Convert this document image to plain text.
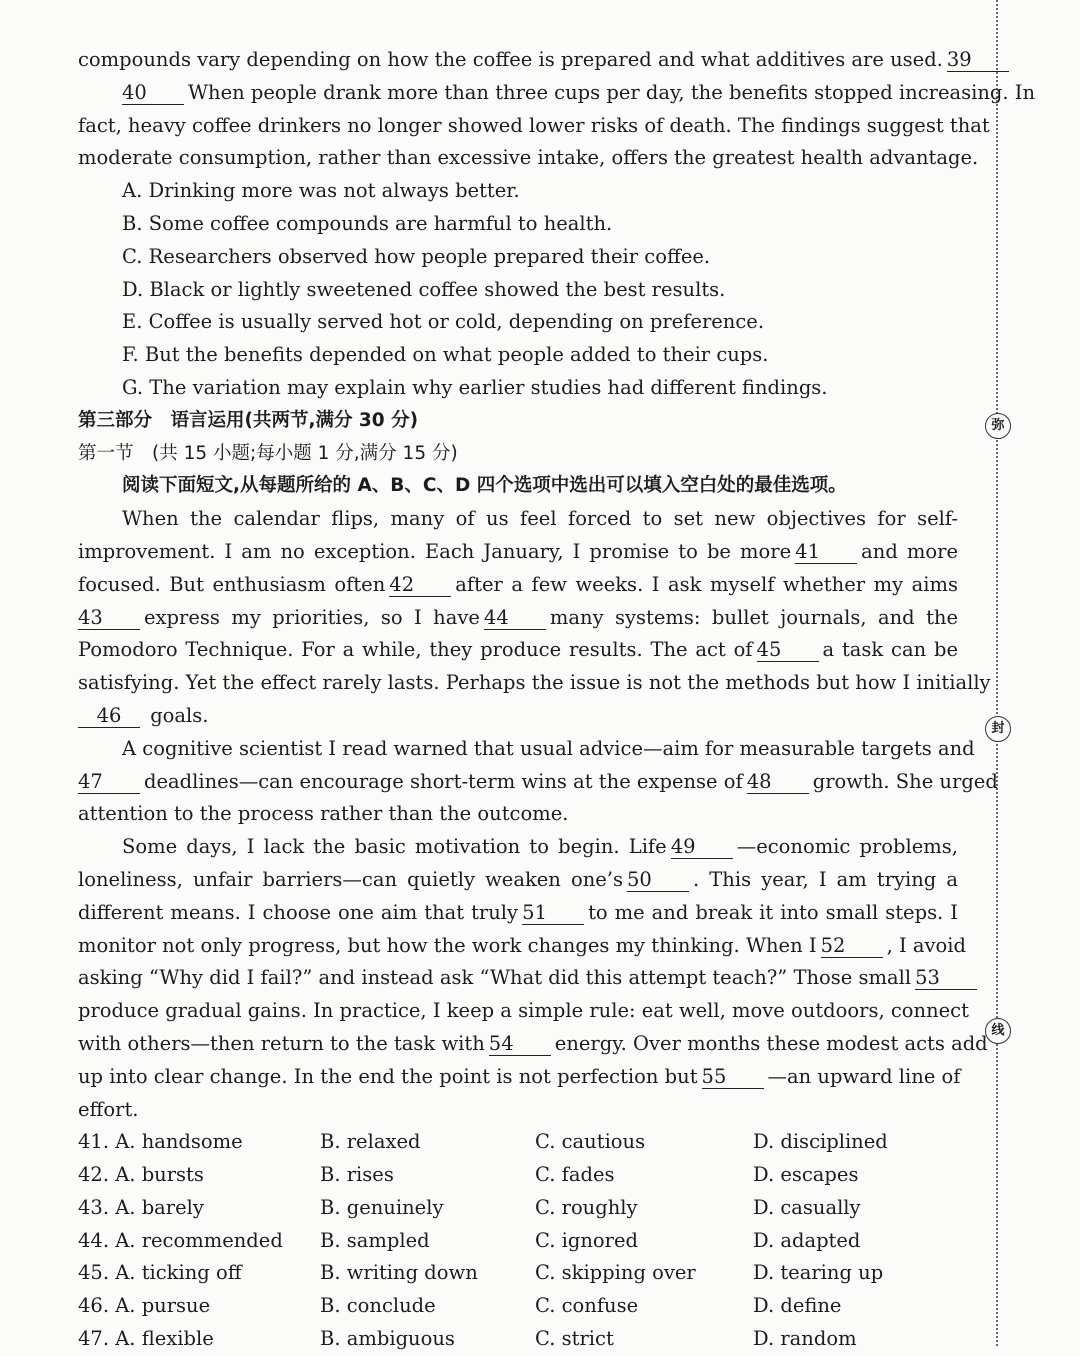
弥
封
线
compounds vary depending on how the coffee is prepared and what additives are used. 39
40 When people drank more than three cups per day, the benefits stopped increasing. In
fact, heavy coffee drinkers no longer showed lower risks of death. The findings suggest that
moderate consumption, rather than excessive intake, offers the greatest health advantage.
A. Drinking more was not always better.
B. Some coffee compounds are harmful to health.
C. Researchers observed how people prepared their coffee.
D. Black or lightly sweetened coffee showed the best results.
E. Coffee is usually served hot or cold, depending on preference.
F. But the benefits depended on what people added to their cups.
G. The variation may explain why earlier studies had different findings.
第三部分　语言运用(共两节,满分 30 分)
第一节　(共 15 小题;每小题 1 分,满分 15 分)
阅读下面短文,从每题所给的 A、B、C、D 四个选项中选出可以填入空白处的最佳选项。
When the calendar flips, many of us feel forced to set new objectives for self-
improvement. I am no exception. Each January, I promise to be more 41 and more
focused. But enthusiasm often 42 after a few weeks. I ask myself whether my aims
43 express my priorities, so I have 44 many systems: bullet journals, and the
Pomodoro Technique. For a while, they produce results. The act of 45 a task can be
satisfying. Yet the effect rarely lasts. Perhaps the issue is not the methods but how I initially
46 goals.
A cognitive scientist I read warned that usual advice—aim for measurable targets and
47 deadlines—can encourage short-term wins at the expense of 48 growth. She urged
attention to the process rather than the outcome.
Some days, I lack the basic motivation to begin. Life 49 —economic problems,
loneliness, unfair barriers—can quietly weaken one’s 50 . This year, I am trying a
different means. I choose one aim that truly 51 to me and break it into small steps. I
monitor not only progress, but how the work changes my thinking. When I 52 , I avoid
asking “Why did I fail?” and instead ask “What did this attempt teach?” Those small 53
produce gradual gains. In practice, I keep a simple rule: eat well, move outdoors, connect
with others—then return to the task with 54 energy. Over months these modest acts add
up into clear change. In the end the point is not perfection but 55 —an upward line of
effort.
41. A. handsome	B. relaxed	C. cautious	D. disciplined
42. A. bursts	B. rises	C. fades	D. escapes
43. A. barely	B. genuinely	C. roughly	D. casually
44. A. recommended	B. sampled	C. ignored	D. adapted
45. A. ticking off	B. writing down	C. skipping over	D. tearing up
46. A. pursue	B. conclude	C. confuse	D. define
47. A. flexible	B. ambiguous	C. strict	D. random
